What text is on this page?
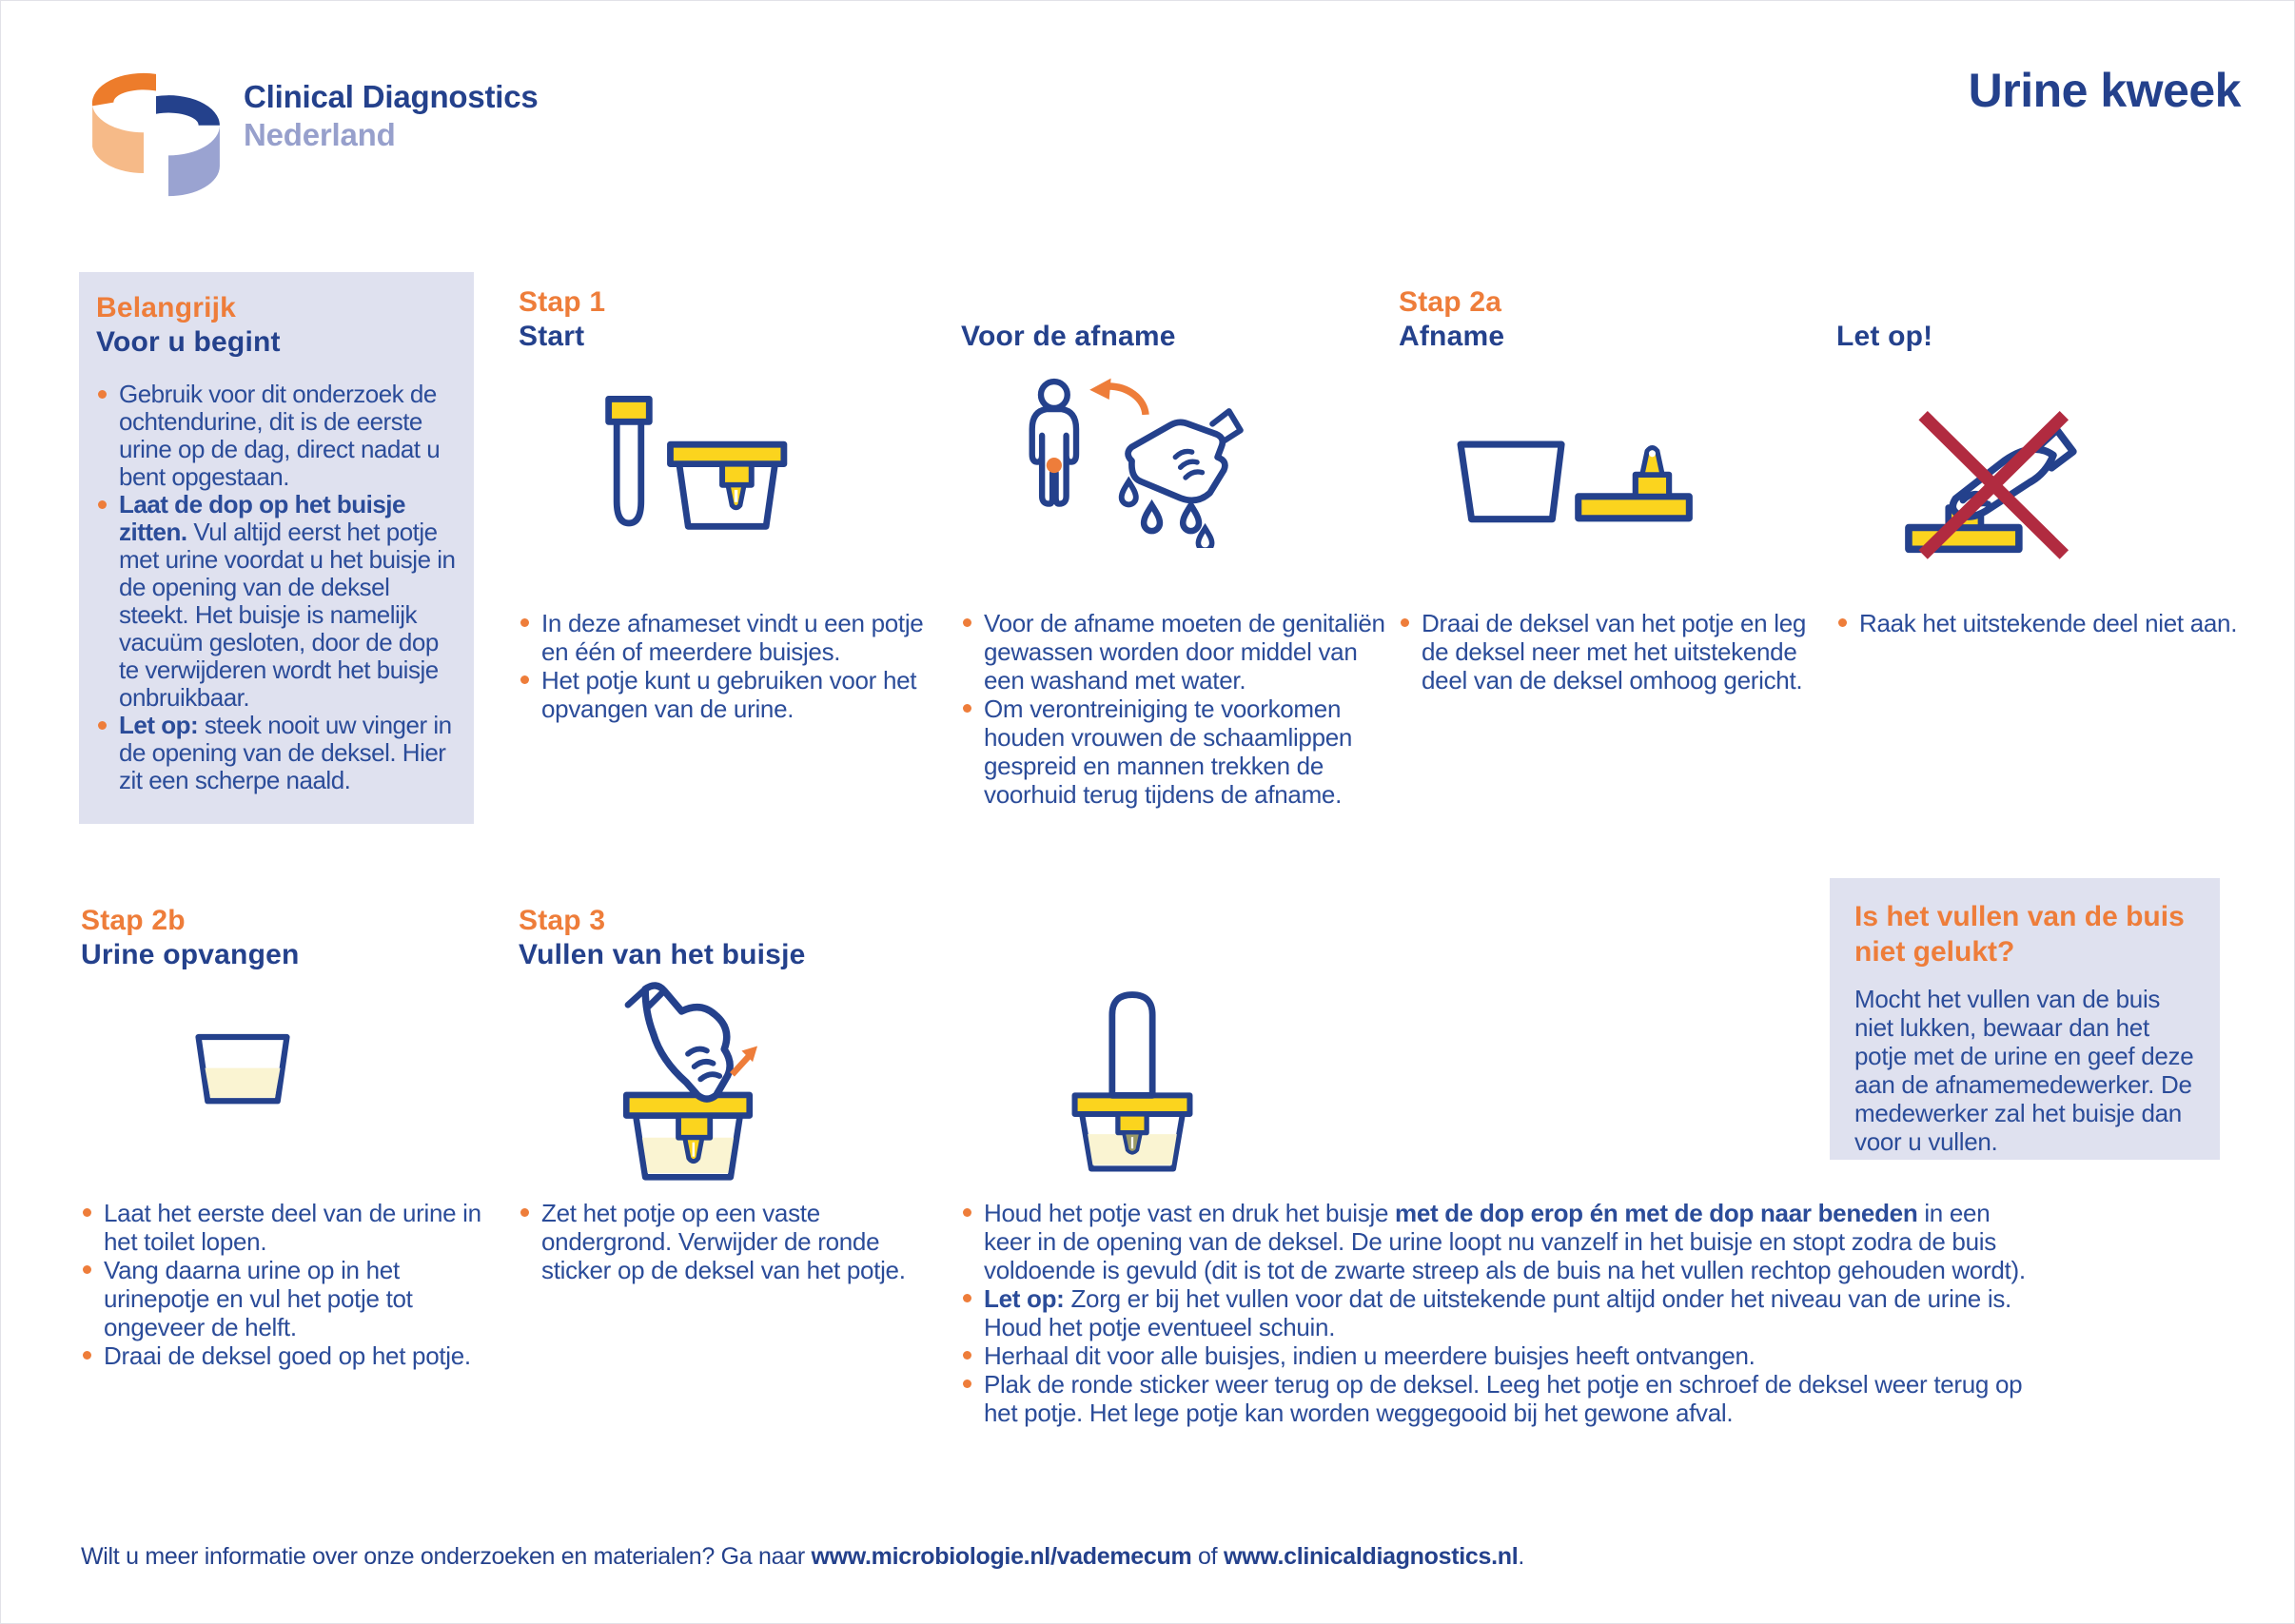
Clinical Diagnostics
Nederland
Urine kweek
Belangrijk
Voor u begint
Gebruik voor dit onderzoek de ochtendurine, dit is de eerste urine op de dag, direct nadat u bent opgestaan.
Laat de dop op het buisje zitten. Vul altijd eerst het potje met urine voordat u het buisje in de opening van de deksel steekt. Het buisje is namelijk vacuüm gesloten, door de dop te verwijderen wordt het buisje onbruikbaar.
Let op: steek nooit uw vinger in de opening van de deksel. Hier zit een scherpe naald.
Stap 1
Start
In deze afnameset vindt u een potje en één of meerdere buisjes.
Het potje kunt u gebruiken voor het opvangen van de urine.
Voor de afname
Voor de afname moeten de genitaliën gewassen worden door middel van een washand met water.
Om verontreiniging te voorkomen houden vrouwen de schaamlippen gespreid en mannen trekken de voorhuid terug tijdens de afname.
Stap 2a
Afname
Draai de deksel van het potje en leg de deksel neer met het uitstekende deel van de deksel omhoog gericht.
Let op!
Raak het uitstekende deel niet aan.
Stap 2b
Urine opvangen
Laat het eerste deel van de urine in het toilet lopen.
Vang daarna urine op in het urinepotje en vul het potje tot ongeveer de helft.
Draai de deksel goed op het potje.
Stap 3
Vullen van het buisje
Zet het potje op een vaste ondergrond. Verwijder de ronde sticker op de deksel van het potje.
Houd het potje vast en druk het buisje met de dop erop én met de dop naar beneden in een keer in de opening van de deksel. De urine loopt nu vanzelf in het buisje en stopt zodra de buis voldoende is gevuld (dit is tot de zwarte streep als de buis na het vullen rechtop gehouden wordt).
Let op: Zorg er bij het vullen voor dat de uitstekende punt altijd onder het niveau van de urine is. Houd het potje eventueel schuin.
Herhaal dit voor alle buisjes, indien u meerdere buisjes heeft ontvangen.
Plak de ronde sticker weer terug op de deksel. Leeg het potje en schroef de deksel weer terug op het potje. Het lege potje kan worden weggegooid bij het gewone afval.
Is het vullen van de buis niet gelukt?
Mocht het vullen van de buis niet lukken, bewaar dan het potje met de urine en geef deze aan de afnamemedewerker. De medewerker zal het buisje dan voor u vullen.
Wilt u meer informatie over onze onderzoeken en materialen? Ga naar www.microbiologie.nl/vademecum of www.clinicaldiagnostics.nl.
